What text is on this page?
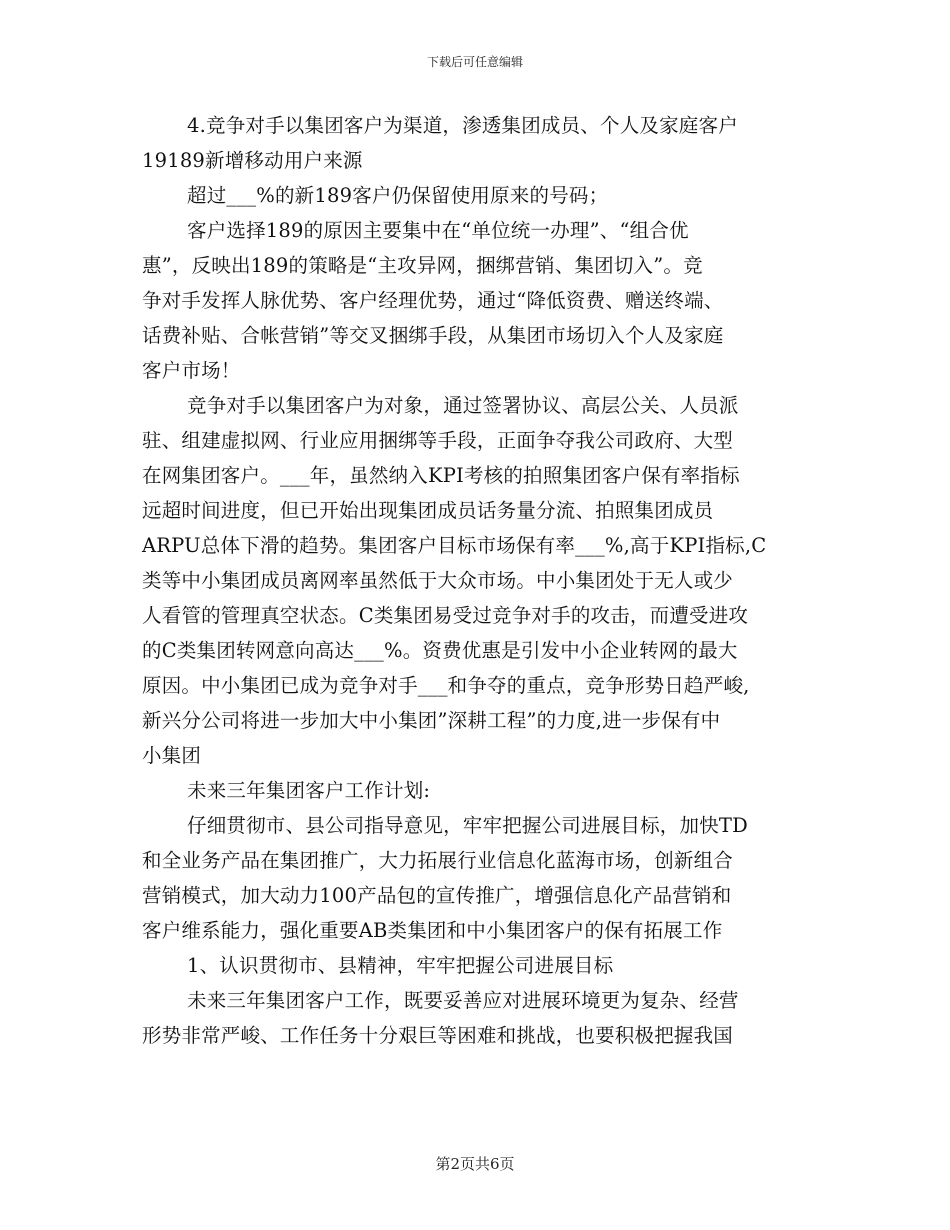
下载后可任意编辑

4.竞争对手以集团客户为渠道，渗透集团成员、个人及家庭客户
19189新增移动用户来源

超过___%的新189客户仍保留使用原来的号码；

客户选择189的原因主要集中在“单位统一办理”、“组合优
惠”，反映出189的策略是“主攻异网，捆绑营销、集团切入”。竞
争对手发挥人脉优势、客户经理优势，通过“降低资费、赠送终端、
话费补贴、合帐营销”等交叉捆绑手段，从集团市场切入个人及家庭
客户市场！

竞争对手以集团客户为对象，通过签署协议、高层公关、人员派
驻、组建虚拟网、行业应用捆绑等手段，正面争夺我公司政府、大型
在网集团客户。___年，虽然纳入KPI考核的拍照集团客户保有率指标
远超时间进度，但已开始出现集团成员话务量分流、拍照集团成员
ARPU总体下滑的趋势。集团客户目标市场保有率___%,高于KPI指标,C
类等中小集团成员离网率虽然低于大众市场。中小集团处于无人或少
人看管的管理真空状态。C类集团易受过竞争对手的攻击，而遭受进攻
的C类集团转网意向高达___%。资费优惠是引发中小企业转网的最大
原因。中小集团已成为竞争对手___和争夺的重点，竞争形势日趋严峻,
新兴分公司将进一步加大中小集团”深耕工程”的力度,进一步保有中
小集团

未来三年集团客户工作计划:

仔细贯彻市、县公司指导意见，牢牢把握公司进展目标，加快TD
和全业务产品在集团推广，大力拓展行业信息化蓝海市场，创新组合
营销模式，加大动力100产品包的宣传推广，增强信息化产品营销和
客户维系能力，强化重要AB类集团和中小集团客户的保有拓展工作

1、认识贯彻市、县精神，牢牢把握公司进展目标

未来三年集团客户工作，既要妥善应对进展环境更为复杂、经营
形势非常严峻、工作任务十分艰巨等困难和挑战，也要积极把握我国

第2页共6页
